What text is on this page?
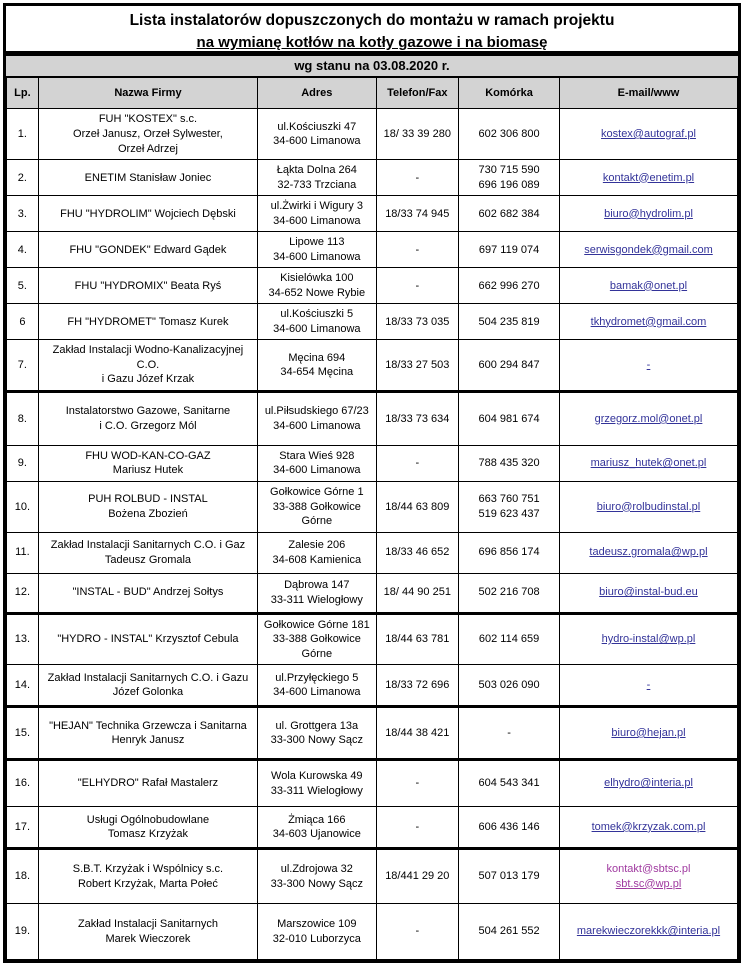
Lista instalatorów dopuszczonych do montażu w ramach projektu
na wymianę kotłów na kotły gazowe i na biomasę
wg stanu na 03.08.2020 r.
Lp.	Nazwa Firmy	Adres	Telefon/Fax	Komórka	E-mail/www
1.	FUH "KOSTEX" s.c.
Orzeł Janusz, Orzeł Sylwester,
Orzeł Adrzej	ul.Kościuszki 47
34-600 Limanowa	18/ 33 39 280	602 306 800	kostex@autograf.pl
2.	ENETIM Stanisław Joniec	Łąkta Dolna 264
32-733 Trzciana	-	730 715 590
696 196 089	kontakt@enetim.pl
3.	FHU "HYDROLIM" Wojciech Dębski	ul.Żwirki i Wigury 3
34-600 Limanowa	18/33 74 945	602 682 384	biuro@hydrolim.pl
4.	FHU "GONDEK" Edward Gądek	Lipowe 113
34-600 Limanowa	-	697 119 074	serwisgondek@gmail.com
5.	FHU "HYDROMIX" Beata Ryś	Kisielówka 100
34-652 Nowe Rybie	-	662 996 270	bamak@onet.pl
6	FH "HYDROMET" Tomasz Kurek	ul.Kościuszki 5
34-600 Limanowa	18/33 73 035	504 235 819	tkhydromet@gmail.com
7.	Zakład Instalacji Wodno-Kanalizacyjnej C.O.
i Gazu Józef Krzak	Męcina 694
34-654 Męcina	18/33 27 503	600 294 847	-
8.	Instalatorstwo Gazowe, Sanitarne
i C.O. Grzegorz Mól	ul.Piłsudskiego 67/23
34-600 Limanowa	18/33 73 634	604 981 674	grzegorz.mol@onet.pl
9.	FHU WOD-KAN-CO-GAZ
Mariusz Hutek	Stara Wieś 928
34-600 Limanowa	-	788 435 320	mariusz_hutek@onet.pl
10.	PUH ROLBUD - INSTAL
Bożena Zbozień	Gołkowice Górne 1
33-388 Gołkowice Górne	18/44 63 809	663 760 751
519 623 437	biuro@rolbudinstal.pl
11.	Zakład Instalacji Sanitarnych C.O. i Gaz
Tadeusz Gromala	Zalesie 206
34-608 Kamienica	18/33 46 652	696 856 174	tadeusz.gromala@wp.pl
12.	"INSTAL - BUD" Andrzej Sołtys	Dąbrowa 147
33-311 Wielogłowy	18/ 44 90 251	502 216 708	biuro@instal-bud.eu
13.	"HYDRO - INSTAL" Krzysztof Cebula	Gołkowice Górne 181
33-388 Gołkowice Górne	18/44 63 781	602 114 659	hydro-instal@wp.pl
14.	Zakład Instalacji Sanitarnych C.O. i Gazu
Józef Golonka	ul.Przyłęckiego 5
34-600 Limanowa	18/33 72 696	503 026 090	-
15.	"HEJAN" Technika Grzewcza i Sanitarna
Henryk Janusz	ul. Grottgera 13a
33-300 Nowy Sącz	18/44 38 421	-	biuro@hejan.pl
16.	"ELHYDRO" Rafał Mastalerz	Wola Kurowska 49
33-311 Wielogłowy	-	604 543 341	elhydro@interia.pl
17.	Usługi Ogólnobudowlane
Tomasz Krzyżak	Żmiąca 166
34-603 Ujanowice	-	606 436 146	tomek@krzyzak.com.pl
18.	S.B.T. Krzyżak i Wspólnicy s.c.
Robert Krzyżak, Marta Połeć	ul.Zdrojowa 32
33-300 Nowy Sącz	18/441 29 20	507 013 179	kontakt@sbtsc.pl
sbt.sc@wp.pl
19.	Zakład Instalacji Sanitarnych
Marek Wieczorek	Marszowice 109
32-010 Luborzyca	-	504 261 552	marekwieczorekkk@interia.pl
